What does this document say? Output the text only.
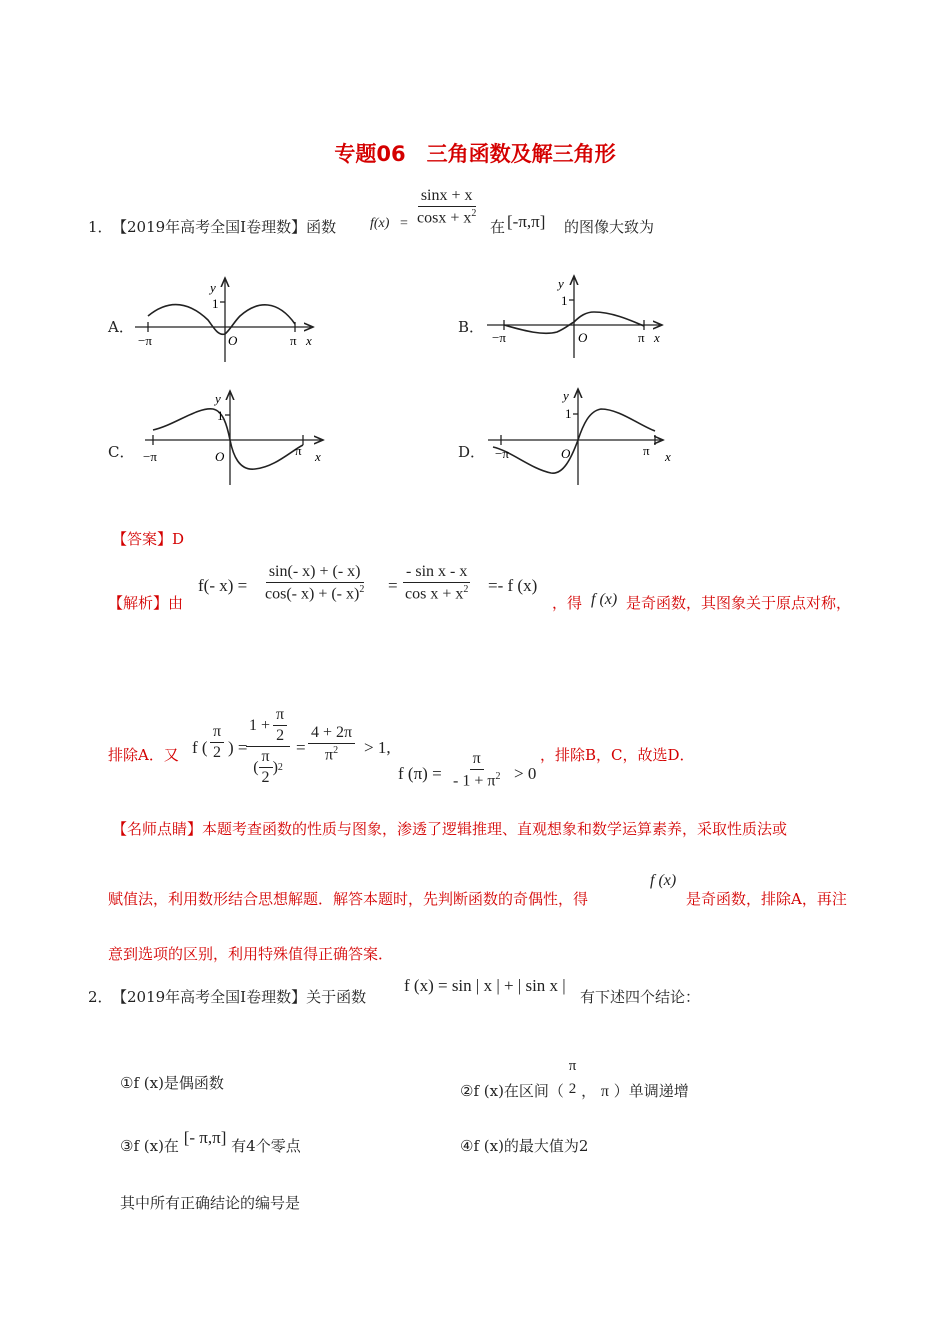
专题06　三角函数及解三角形
1． 【2019年高考全国Ⅰ卷理数】函数 $f(x) = \frac{\sin x + x}{\cos x + x^2}$ 在 [-π,π] 的图像大致为
A．	B．
C．	D．
y
1
O
−π	π x
y
1
O
−π	π x
y
1
O
−π	π x
y
1
O
−π	π x
【答案】D
【解析】由
f(- $x) = \frac{\sin(- x) + (- x)}{\cos(- x) + (- x)^2} = \frac{\text{- sin x - x}}{\cos x + x^2} =- f$ (x)
，得 f (x) 是奇函数，其图象关于原点对称，
排除A．又 f ( $\frac{\pi}{2}$ ) =
$\frac{1 + \frac{\pi}{2}}{( \frac{\pi}{2} ) 2} = \frac{4 + 2\pi}{\pi^2} > 1$,
f $(\pi) = \frac{\pi}{- 1 + \pi^2} > 0$
，排除B，C，故选D．
【名师点睛】本题考查函数的性质与图象，渗透了逻辑推理、直观想象和数学运算素养，采取性质法或
赋值法，利用数形结合思想解题．解答本题时，先判断函数的奇偶性，得
f (x)
是奇函数，排除A，再注
意到选项的区别，利用特殊值得正确答案．
2． 【2019年高考全国Ⅰ卷理数】关于函数
f (x) = sin | x | + | sin x |
有下述四个结论：
①f (x)是偶函数	②f (x)在区间（
π
2 ， π ）单调递增
③f (x)在 [- π,π] 有4个零点	④f (x)的最大值为2
其中所有正确结论的编号是
